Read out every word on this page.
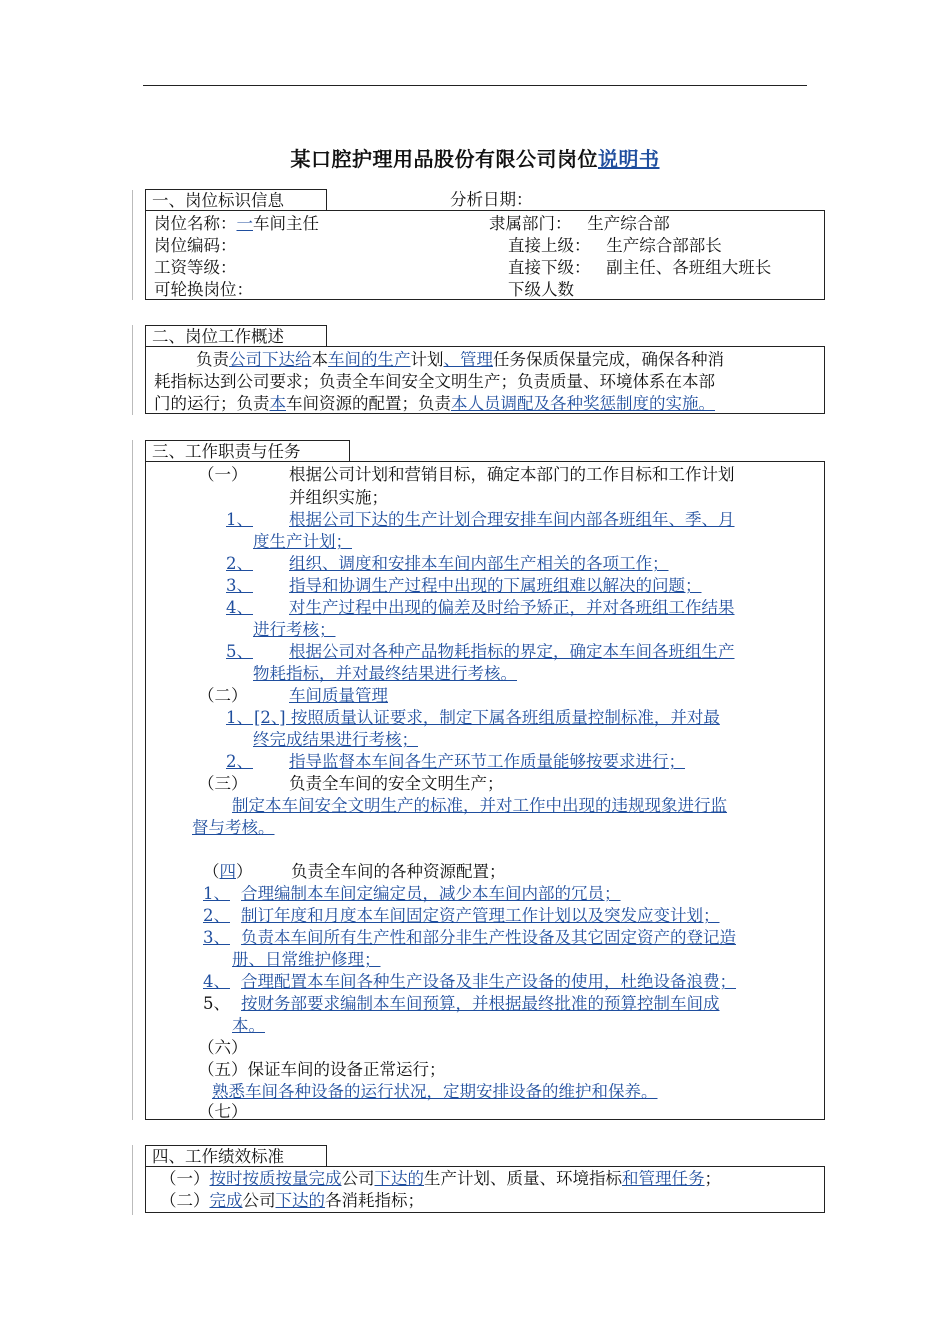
某口腔护理用品股份有限公司岗位说明书
一、岗位标识信息	分析日期：
岗位名称：一车间主任	隶属部门： 生产综合部
岗位编码：	直接上级： 生产综合部部长
工资等级：	直接下级： 副主任、各班组大班长
可轮换岗位：	下级人数
二、岗位工作概述
负责公司下达给本车间的生产计划、管理任务保质保量完成，确保各种消
耗指标达到公司要求；负责全车间安全文明生产；负责质量、环境体系在本部
门的运行；负责本车间资源的配置；负责本人员调配及各种奖惩制度的实施。
三、工作职责与任务
（一）	根据公司计划和营销目标，确定本部门的工作目标和工作计划
并组织实施；
1、 根据公司下达的生产计划合理安排车间内部各班组年、季、月
度生产计划；
2、 组织、调度和安排本车间内部生产相关的各项工作；
3、 指导和协调生产过程中出现的下属班组难以解决的问题；
4、 对生产过程中出现的偏差及时给予矫正，并对各班组工作结果
进行考核；
5、 根据公司对各种产品物耗指标的界定，确定本车间各班组生产
物耗指标，并对最终结果进行考核。
（二）	车间质量管理
1、 [2、] 按照质量认证要求，制定下属各班组质量控制标准，并对最
终完成结果进行考核；
2、 指导监督本车间各生产环节工作质量能够按要求进行；
（三）	负责全车间的安全文明生产；
制定本车间安全文明生产的标准，并对工作中出现的违规现象进行监
督与考核。
（四） 负责全车间的各种资源配置；
1、 合理编制本车间定编定员，减少本车间内部的冗员；
2、 制订年度和月度本车间固定资产管理工作计划以及突发应变计划；
3、 负责本车间所有生产性和部分非生产性设备及其它固定资产的登记造
册、日常维护修理；
4、 合理配置本车间各种生产设备及非生产设备的使用，杜绝设备浪费；
5、 按财务部要求编制本车间预算，并根据最终批准的预算控制车间成
本。
（六）
（五）保证车间的设备正常运行；
熟悉车间各种设备的运行状况，定期安排设备的维护和保养。
（七）
四、工作绩效标准
（一）按时按质按量完成公司下达的生产计划、质量、环境指标和管理任务；
（二）完成公司下达的各消耗指标；
